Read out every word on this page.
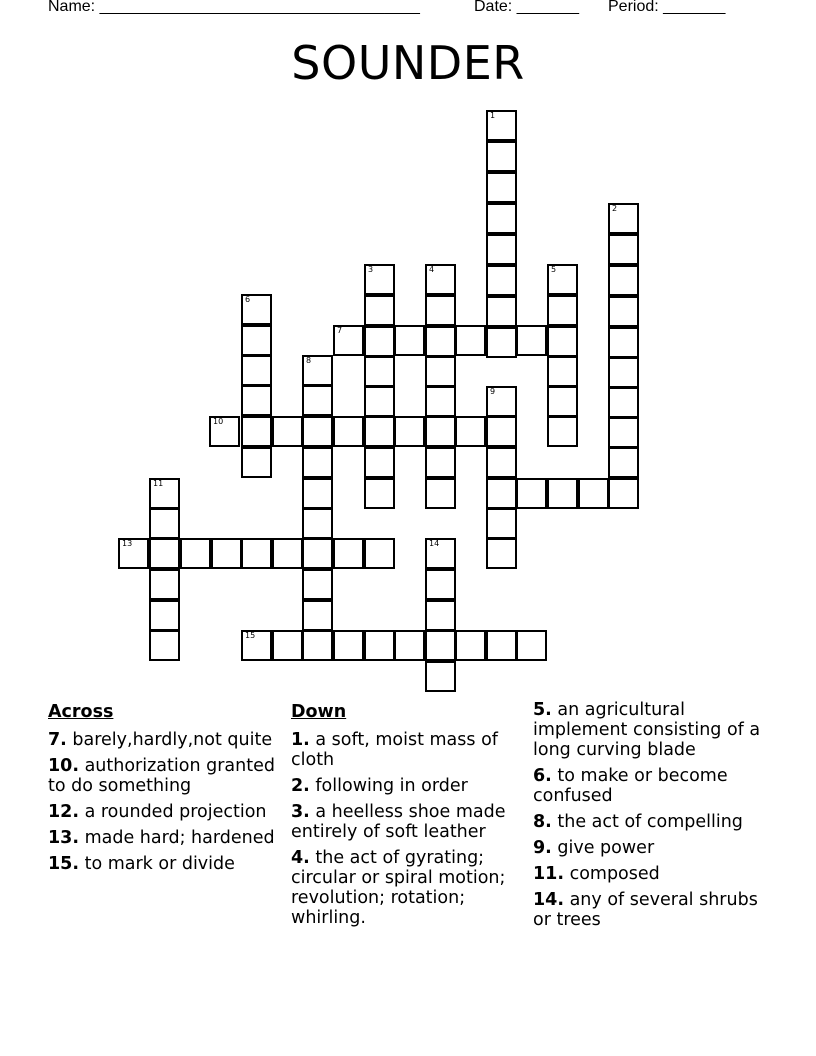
Name: ____________________________________	Date: _______ Period: _______
SOUNDER
1
2
3	4	5
6
7
8
9
10
11
13	14
15
Across
7. barely,hardly,not quite
10. authorization granted to do something
12. a rounded projection
13. made hard; hardened
15. to mark or divide
Down
1. a soft, moist mass of cloth
2. following in order
3. a heelless shoe made entirely of soft leather
4. the act of gyrating; circular or spiral motion; revolution; rotation; whirling.
5. an agricultural implement consisting of a long curving blade
6. to make or become confused
8. the act of compelling
9. give power
11. composed
14. any of several shrubs or trees
